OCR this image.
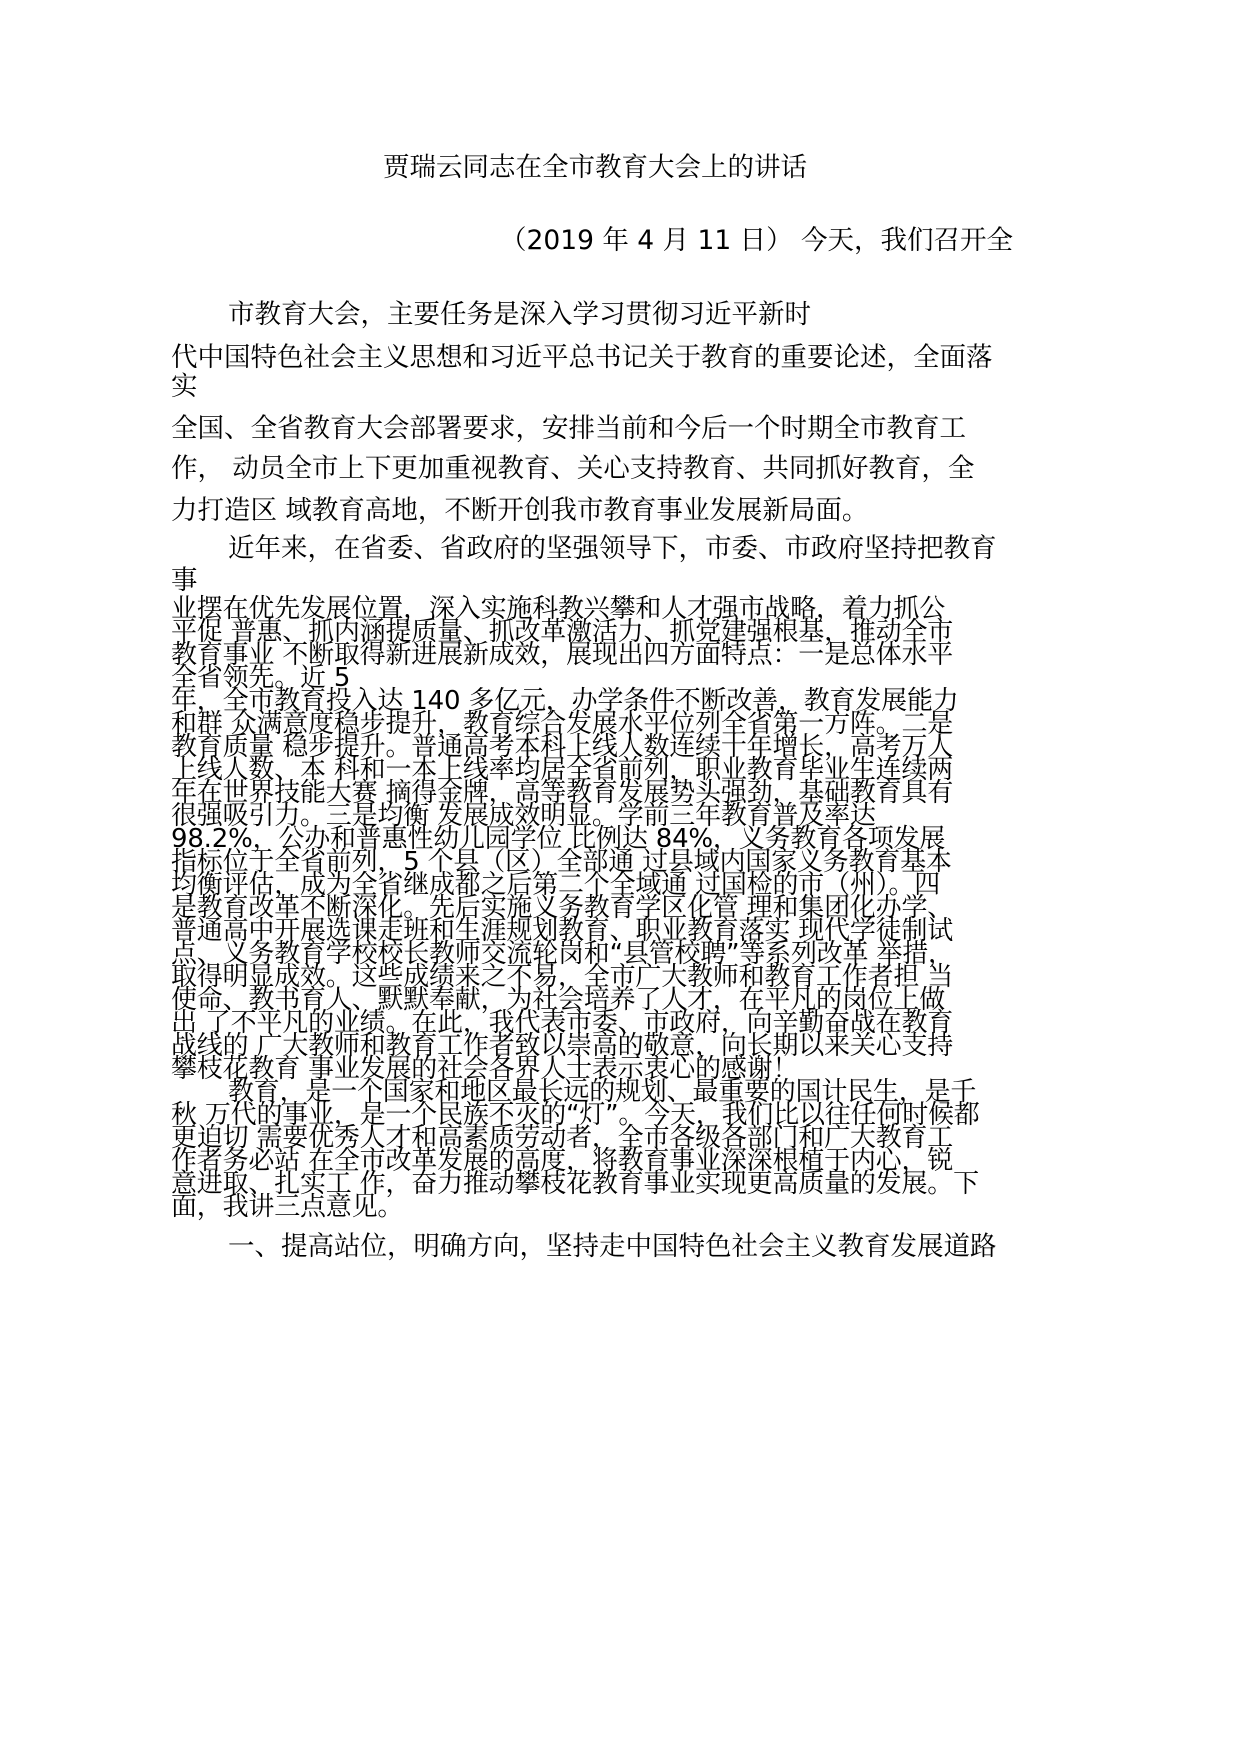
贾瑞云同志在全市教育大会上的讲话
（2019 年 4 月 11 日） 今天，我们召开全
市教育大会，主要任务是深入学习贯彻习近平新时
代中国特色社会主义思想和习近平总书记关于教育的重要论述，全面落
实
全国、全省教育大会部署要求，安排当前和今后一个时期全市教育工
作， 动员全市上下更加重视教育、关心支持教育、共同抓好教育，全
力打造区 域教育高地，不断开创我市教育事业发展新局面。
近年来，在省委、省政府的坚强领导下，市委、市政府坚持把教育
事
业摆在优先发展位置，深入实施科教兴攀和人才强市战略，着力抓公
平促 普惠、抓内涵提质量、抓改革激活力、抓党建强根基，推动全市
教育事业 不断取得新进展新成效，展现出四方面特点：一是总体水平
全省领先。近 5
年，全市教育投入达 140 多亿元，办学条件不断改善，教育发展能力
和群 众满意度稳步提升，教育综合发展水平位列全省第一方阵。二是
教育质量 稳步提升。普通高考本科上线人数连续十年增长，高考万人
上线人数、本 科和一本上线率均居全省前列，职业教育毕业生连续两
年在世界技能大赛 摘得金牌，高等教育发展势头强劲，基础教育具有
很强吸引力。三是均衡 发展成效明显。学前三年教育普及率达
98.2%，公办和普惠性幼儿园学位 比例达 84%，义务教育各项发展
指标位于全省前列，5 个县（区）全部通 过县域内国家义务教育基本
均衡评估，成为全省继成都之后第二个全域通 过国检的市（州）。四
是教育改革不断深化。先后实施义务教育学区化管 理和集团化办学、
普通高中开展选课走班和生涯规划教育、职业教育落实 现代学徒制试
点、义务教育学校校长教师交流轮岗和“县管校聘”等系列改革 举措，
取得明显成效。这些成绩来之不易，全市广大教师和教育工作者担 当
使命、教书育人、默默奉献，为社会培养了人才，在平凡的岗位上做
出 了不平凡的业绩。在此，我代表市委、市政府，向辛勤奋战在教育
战线的 广大教师和教育工作者致以崇高的敬意，向长期以来关心支持
攀枝花教育 事业发展的社会各界人士表示衷心的感谢！
教育，是一个国家和地区最长远的规划、最重要的国计民生，是千
秋 万代的事业，是一个民族不灭的“灯”。今天，我们比以往任何时候都
更迫切 需要优秀人才和高素质劳动者，全市各级各部门和广大教育工
作者务必站 在全市改革发展的高度，将教育事业深深根植于内心，锐
意进取、扎实工 作，奋力推动攀枝花教育事业实现更高质量的发展。下
面，我讲三点意见。
一、提高站位，明确方向，坚持走中国特色社会主义教育发展道路
